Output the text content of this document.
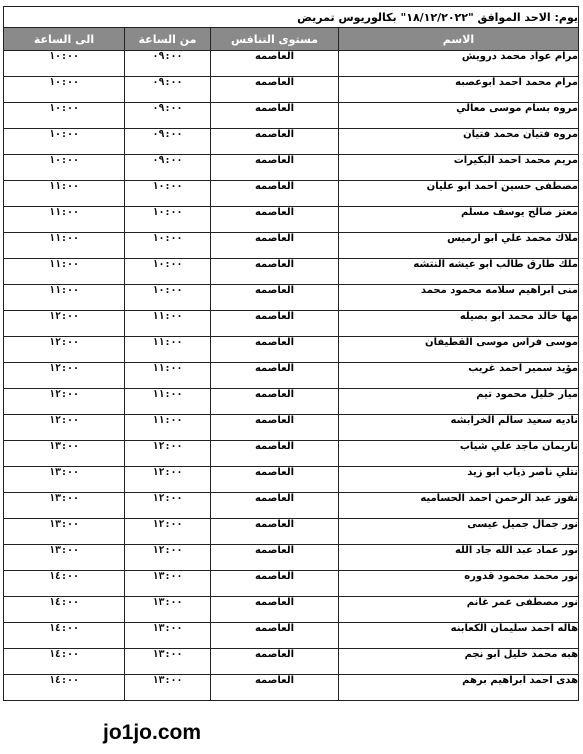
يوم: الاحد الموافق "١٨/١٢/٢٠٢٢" بكالوريوس تمريض			
الاسم	مستوى التنافس	من الساعة	الى الساعة
مرام عواد محمد درويش	العاصمه	٠٩:٠٠	١٠:٠٠
مرام محمد احمد ابوعصبه	العاصمه	٠٩:٠٠	١٠:٠٠
مروه بسام موسى معالي	العاصمه	٠٩:٠٠	١٠:٠٠
مروه فتيان محمد فتيان	العاصمه	٠٩:٠٠	١٠:٠٠
مريم محمد احمد البكيرات	العاصمه	٠٩:٠٠	١٠:٠٠
مصطفى حسين احمد ابو عليان	العاصمه	١٠:٠٠	١١:٠٠
معتز صالح يوسف مسلم	العاصمه	١٠:٠٠	١١:٠٠
ملاك محمد علي ابو ارميس	العاصمه	١٠:٠٠	١١:٠٠
ملك طارق طالب ابو عيشه النتشه	العاصمه	١٠:٠٠	١١:٠٠
منى ابراهيم سلامه محمود محمد	العاصمه	١٠:٠٠	١١:٠٠
مها خالد محمد ابو بصيله	العاصمه	١١:٠٠	١٢:٠٠
موسى فراس موسى القطيفان	العاصمه	١١:٠٠	١٢:٠٠
مؤيد سمير احمد غريب	العاصمه	١١:٠٠	١٢:٠٠
ميار خليل محمود تيم	العاصمه	١١:٠٠	١٢:٠٠
ناديه سعيد سالم الخرابشه	العاصمه	١١:٠٠	١٢:٠٠
ناريمان ماجد علي شياب	العاصمه	١٢:٠٠	١٣:٠٠
نتلي ناصر ذياب ابو زيد	العاصمه	١٢:٠٠	١٣:٠٠
نفوز عبد الرحمن احمد الحساميه	العاصمه	١٢:٠٠	١٣:٠٠
نور جمال جميل عيسى	العاصمه	١٢:٠٠	١٣:٠٠
نور عماد عبد الله جاد الله	العاصمه	١٢:٠٠	١٣:٠٠
نور محمد محمود قدوره	العاصمه	١٣:٠٠	١٤:٠٠
نور مصطفى عمر غانم	العاصمه	١٣:٠٠	١٤:٠٠
هاله احمد سليمان الكعابنه	العاصمه	١٣:٠٠	١٤:٠٠
هبه محمد خليل ابو نجم	العاصمه	١٣:٠٠	١٤:٠٠
هدى احمد ابراهيم برهم	العاصمه	١٣:٠٠	١٤:٠٠
jo1jo.com
